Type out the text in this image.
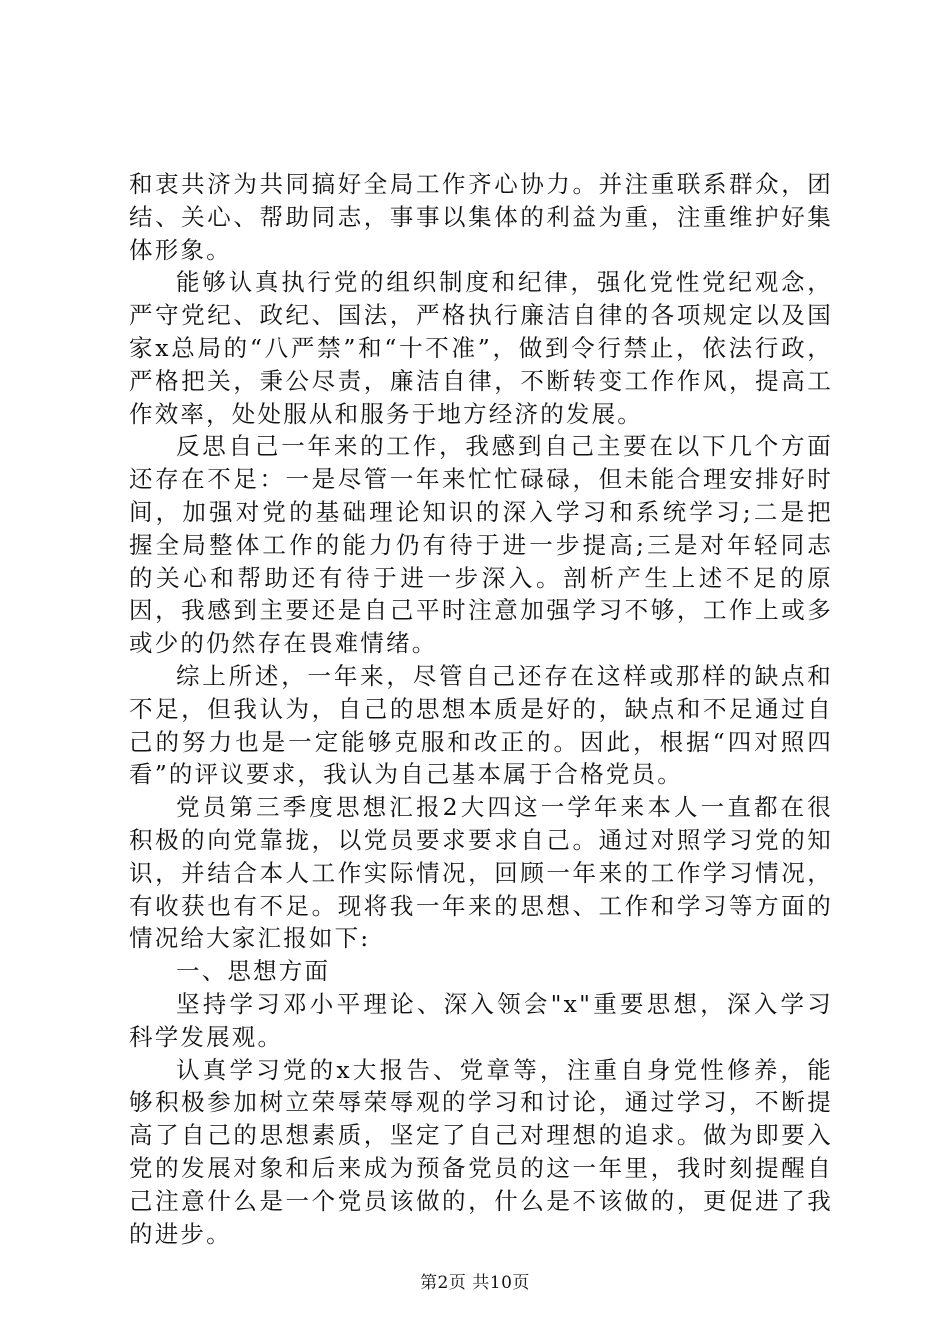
和衷共济为共同搞好全局工作齐心协力。并注重联系群众，团结、关心、帮助同志，事事以集体的利益为重，注重维护好集体形象。

能够认真执行党的组织制度和纪律，强化党性党纪观念，严守党纪、政纪、国法，严格执行廉洁自律的各项规定以及国家x总局的“八严禁”和“十不准”，做到令行禁止，依法行政，严格把关，秉公尽责，廉洁自律，不断转变工作作风，提高工作效率，处处服从和服务于地方经济的发展。

反思自己一年来的工作，我感到自己主要在以下几个方面还存在不足：一是尽管一年来忙忙碌碌，但未能合理安排好时间，加强对党的基础理论知识的深入学习和系统学习;二是把握全局整体工作的能力仍有待于进一步提高;三是对年轻同志的关心和帮助还有待于进一步深入。剖析产生上述不足的原因，我感到主要还是自己平时注意加强学习不够，工作上或多或少的仍然存在畏难情绪。

综上所述，一年来，尽管自己还存在这样或那样的缺点和不足，但我认为，自己的思想本质是好的，缺点和不足通过自己的努力也是一定能够克服和改正的。因此，根据“四对照四看”的评议要求，我认为自己基本属于合格党员。

党员第三季度思想汇报2大四这一学年来本人一直都在很积极的向党靠拢，以党员要求要求自己。通过对照学习党的知识，并结合本人工作实际情况，回顾一年来的工作学习情况，有收获也有不足。现将我一年来的思想、工作和学习等方面的情况给大家汇报如下:

一、思想方面

坚持学习邓小平理论、深入领会"x"重要思想，深入学习科学发展观。

认真学习党的x大报告、党章等，注重自身党性修养，能够积极参加树立荣辱荣辱观的学习和讨论，通过学习，不断提高了自己的思想素质，坚定了自己对理想的追求。做为即要入党的发展对象和后来成为预备党员的这一年里，我时刻提醒自己注意什么是一个党员该做的，什么是不该做的，更促进了我的进步。

第2页 共10页
